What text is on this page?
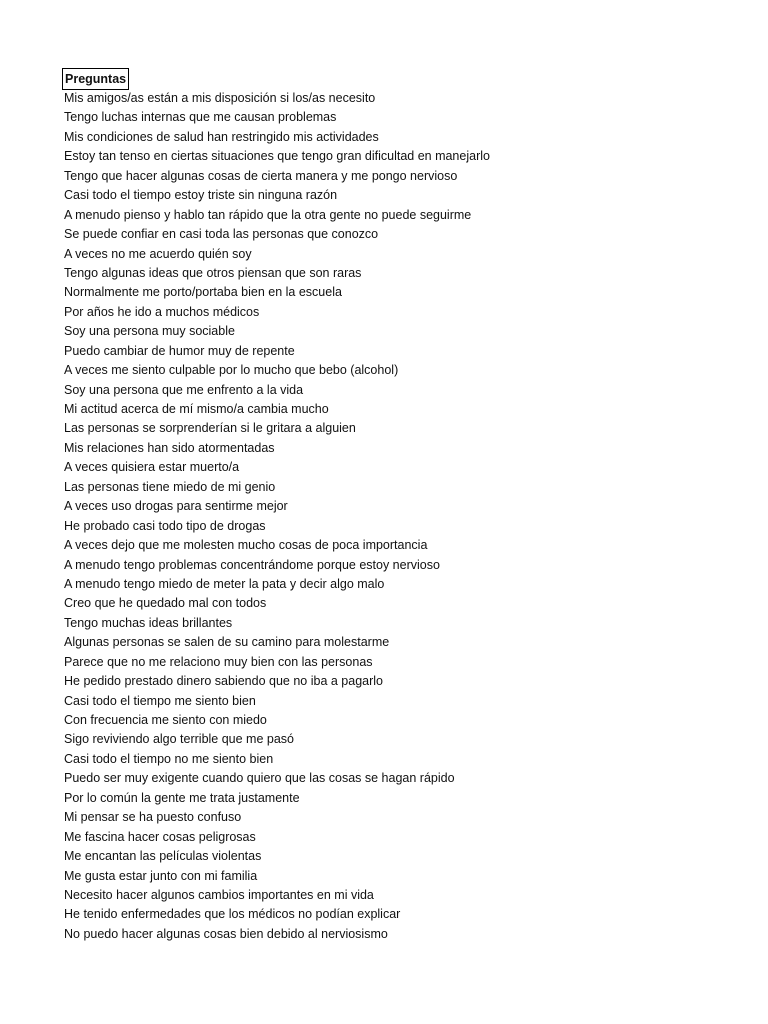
Preguntas
Mis amigos/as están a mis disposición si los/as necesito
Tengo luchas internas que me causan problemas
Mis condiciones de salud han restringido mis actividades
Estoy tan tenso en ciertas situaciones que tengo gran dificultad en manejarlo
Tengo que hacer algunas cosas de cierta manera y me pongo nervioso
Casi todo el tiempo estoy triste sin ninguna razón
A menudo pienso y hablo tan rápido que la otra gente no puede seguirme
Se puede confiar en casi toda las personas que conozco
A veces no me acuerdo quién soy
Tengo algunas ideas que otros piensan que son raras
Normalmente me porto/portaba bien en la escuela
Por años he ido a muchos médicos
Soy una persona muy sociable
Puedo cambiar de humor muy de repente
A veces me siento culpable por lo mucho que bebo (alcohol)
Soy una persona que me enfrento a la vida
Mi actitud acerca de mí mismo/a cambia mucho
Las personas se sorprenderían si le gritara a alguien
Mis relaciones han sido atormentadas
A veces quisiera estar muerto/a
Las personas tiene miedo de mi genio
A veces uso drogas para sentirme mejor
He probado casi todo tipo de drogas
A veces dejo que me molesten mucho cosas de poca importancia
A menudo tengo problemas concentrándome porque estoy nervioso
A menudo tengo miedo de meter la pata y decir algo malo
Creo que he quedado mal con todos
Tengo muchas ideas brillantes
Algunas personas se salen de su camino para molestarme
Parece que no me relaciono muy bien con las personas
He pedido prestado dinero sabiendo que no iba a pagarlo
Casi todo el tiempo me siento bien
Con frecuencia me siento con miedo
Sigo reviviendo algo terrible que me pasó
Casi todo el tiempo no me siento bien
Puedo ser muy exigente cuando quiero que las cosas se hagan rápido
Por lo común la gente me trata justamente
Mi pensar se ha puesto confuso
Me fascina hacer cosas peligrosas
Me encantan las películas violentas
Me gusta estar junto con mi familia
Necesito hacer algunos cambios importantes en mi vida
He tenido enfermedades que los médicos no podían explicar
No puedo hacer algunas cosas bien debido al nerviosismo
